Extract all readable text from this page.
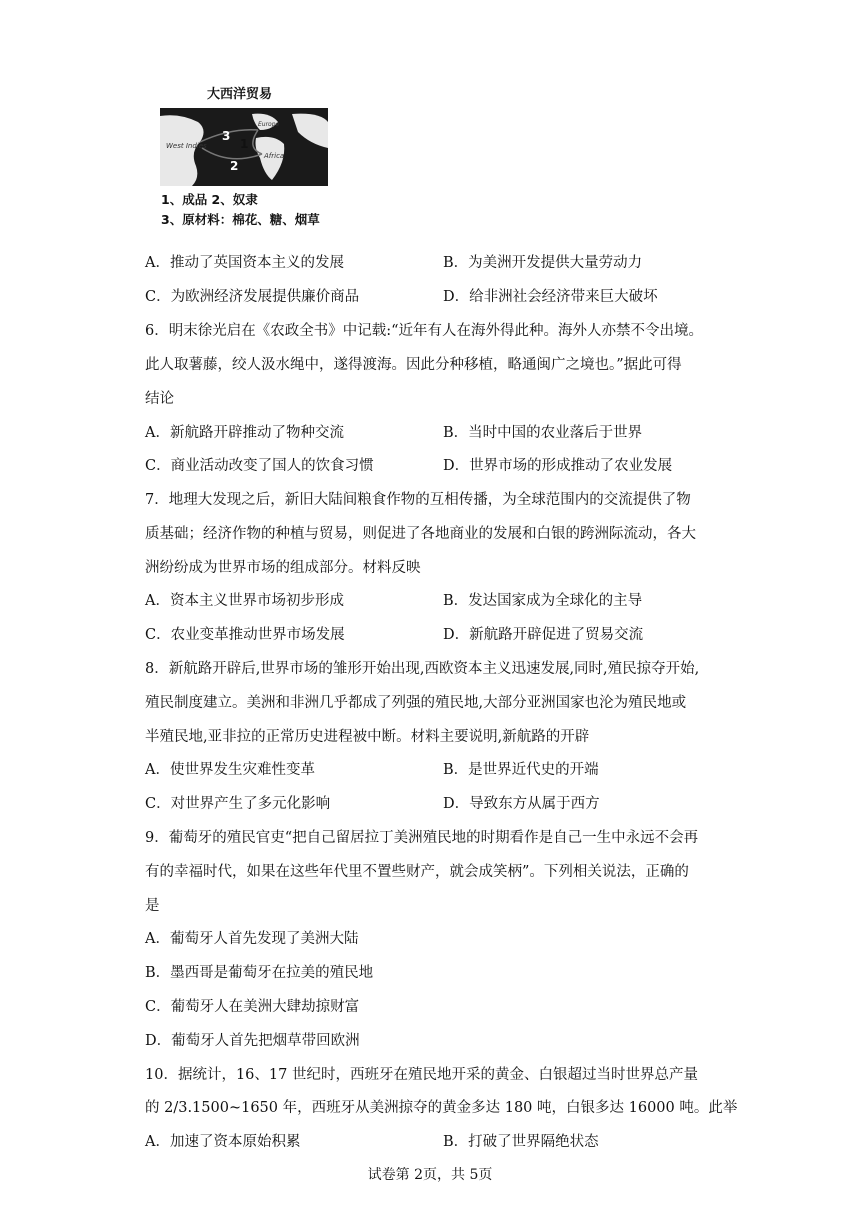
大西洋贸易
West Indies
Europe
Africa
1
2
3
1、成品 2、奴隶
3、原材料：棉花、糖、烟草
A．推动了英国资本主义的发展	B．为美洲开发提供大量劳动力
C．为欧洲经济发展提供廉价商品	D．给非洲社会经济带来巨大破坏
6．明末徐光启在《农政全书》中记载:“近年有人在海外得此种。海外人亦禁不令出境。
此人取薯藤，绞人汲水绳中，遂得渡海。因此分种移植，略通闽广之境也。”据此可得
结论
A．新航路开辟推动了物种交流	B．当时中国的农业落后于世界
C．商业活动改变了国人的饮食习惯	D．世界市场的形成推动了农业发展
7．地理大发现之后，新旧大陆间粮食作物的互相传播，为全球范围内的交流提供了物
质基础；经济作物的种植与贸易，则促进了各地商业的发展和白银的跨洲际流动，各大
洲纷纷成为世界市场的组成部分。材料反映
A．资本主义世界市场初步形成	B．发达国家成为全球化的主导
C．农业变革推动世界市场发展	D．新航路开辟促进了贸易交流
8．新航路开辟后,世界市场的雏形开始出现,西欧资本主义迅速发展,同时,殖民掠夺开始,
殖民制度建立。美洲和非洲几乎都成了列强的殖民地,大部分亚洲国家也沦为殖民地或
半殖民地,亚非拉的正常历史进程被中断。材料主要说明,新航路的开辟
A．使世界发生灾难性变革	B．是世界近代史的开端
C．对世界产生了多元化影响	D．导致东方从属于西方
9．葡萄牙的殖民官吏“把自己留居拉丁美洲殖民地的时期看作是自己一生中永远不会再
有的幸福时代，如果在这些年代里不置些财产，就会成笑柄”。下列相关说法，正确的
是
A．葡萄牙人首先发现了美洲大陆
B．墨西哥是葡萄牙在拉美的殖民地
C．葡萄牙人在美洲大肆劫掠财富
D．葡萄牙人首先把烟草带回欧洲
10．据统计，16、17 世纪时，西班牙在殖民地开采的黄金、白银超过当时世界总产量
的 2/3.1500~1650 年，西班牙从美洲掠夺的黄金多达 180 吨，白银多达 16000 吨。此举
A．加速了资本原始积累	B．打破了世界隔绝状态
试卷第 2页，共 5页
